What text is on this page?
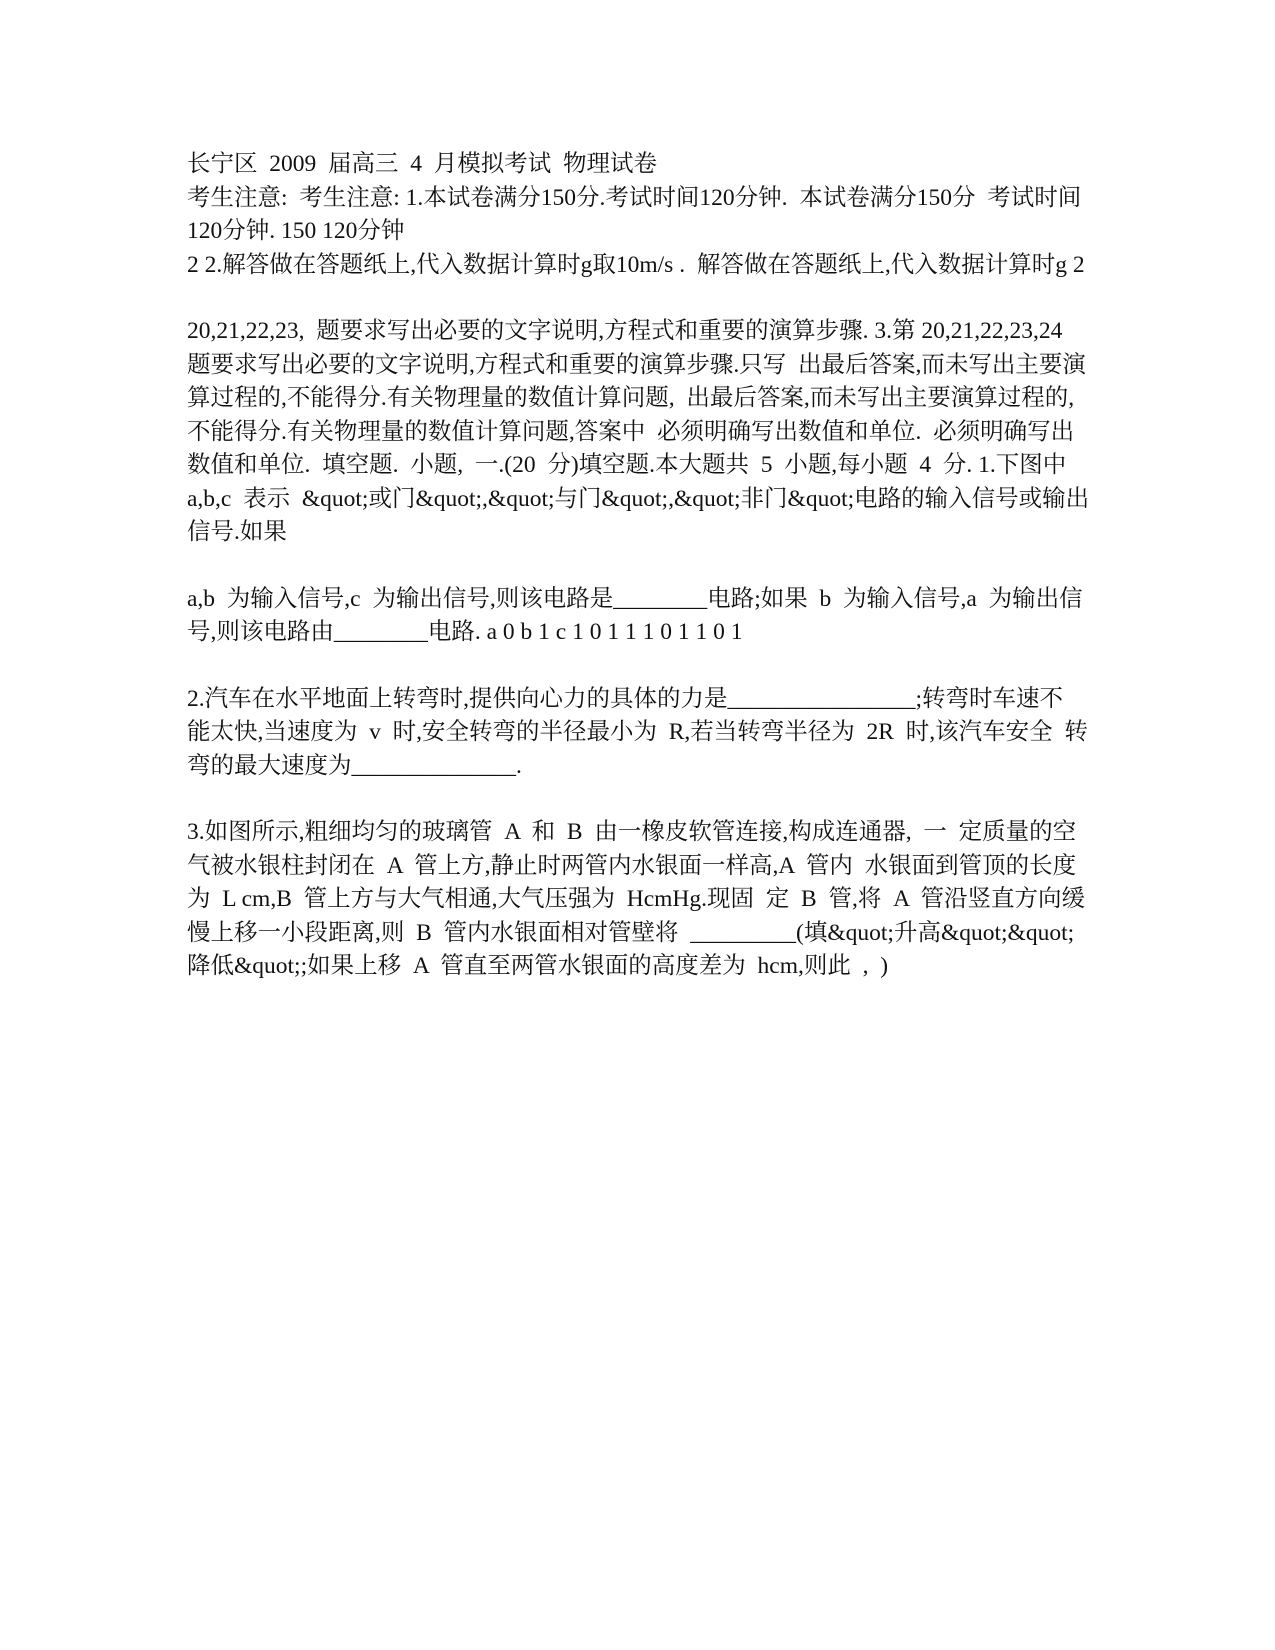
长宁区  2009  届高三  4  月模拟考试  物理试卷

考生注意:  考生注意: 1.本试卷满分150分.考试时间120分钟.  本试卷满分150分  考试时间120分钟. 150 120分钟

2 2.解答做在答题纸上,代入数据计算时g取10m/s .  解答做在答题纸上,代入数据计算时g 2

20,21,22,23,  题要求写出必要的文字说明,方程式和重要的演算步骤. 3.第 20,21,22,23,24  题要求写出必要的文字说明,方程式和重要的演算步骤.只写  出最后答案,而未写出主要演算过程的,不能得分.有关物理量的数值计算问题,  出最后答案,而未写出主要演算过程的,不能得分.有关物理量的数值计算问题,答案中  必须明确写出数值和单位.  必须明确写出数值和单位.  填空题.  小题,  一.(20  分)填空题.本大题共  5  小题,每小题  4  分. 1.下图中  a,b,c  表示  &quot;或门&quot;,&quot;与门&quot;,&quot;非门&quot;电路的输入信号或输出信号.如果

a,b  为输入信号,c  为输出信号,则该电路是________电路;如果  b  为输入信号,a  为输出信号,则该电路由________电路. a 0 b 1 c 1 0 1 1 1 0 1 1 0 1

2.汽车在水平地面上转弯时,提供向心力的具体的力是________________;转弯时车速不  能太快,当速度为  v  时,安全转弯的半径最小为  R,若当转弯半径为  2R  时,该汽车安全  转弯的最大速度为______________.

3.如图所示,粗细均匀的玻璃管  A  和  B  由一橡皮软管连接,构成连通器,  一  定质量的空气被水银柱封闭在  A  管上方,静止时两管内水银面一样高,A  管内  水银面到管顶的长度为  L cm,B  管上方与大气相通,大气压强为  HcmHg.现固  定  B  管,将  A  管沿竖直方向缓慢上移一小段距离,则  B  管内水银面相对管壁将  _________(填&quot;升高&quot;&quot;降低&quot;;如果上移  A  管直至两管水银面的高度差为  hcm,则此  ,  )
